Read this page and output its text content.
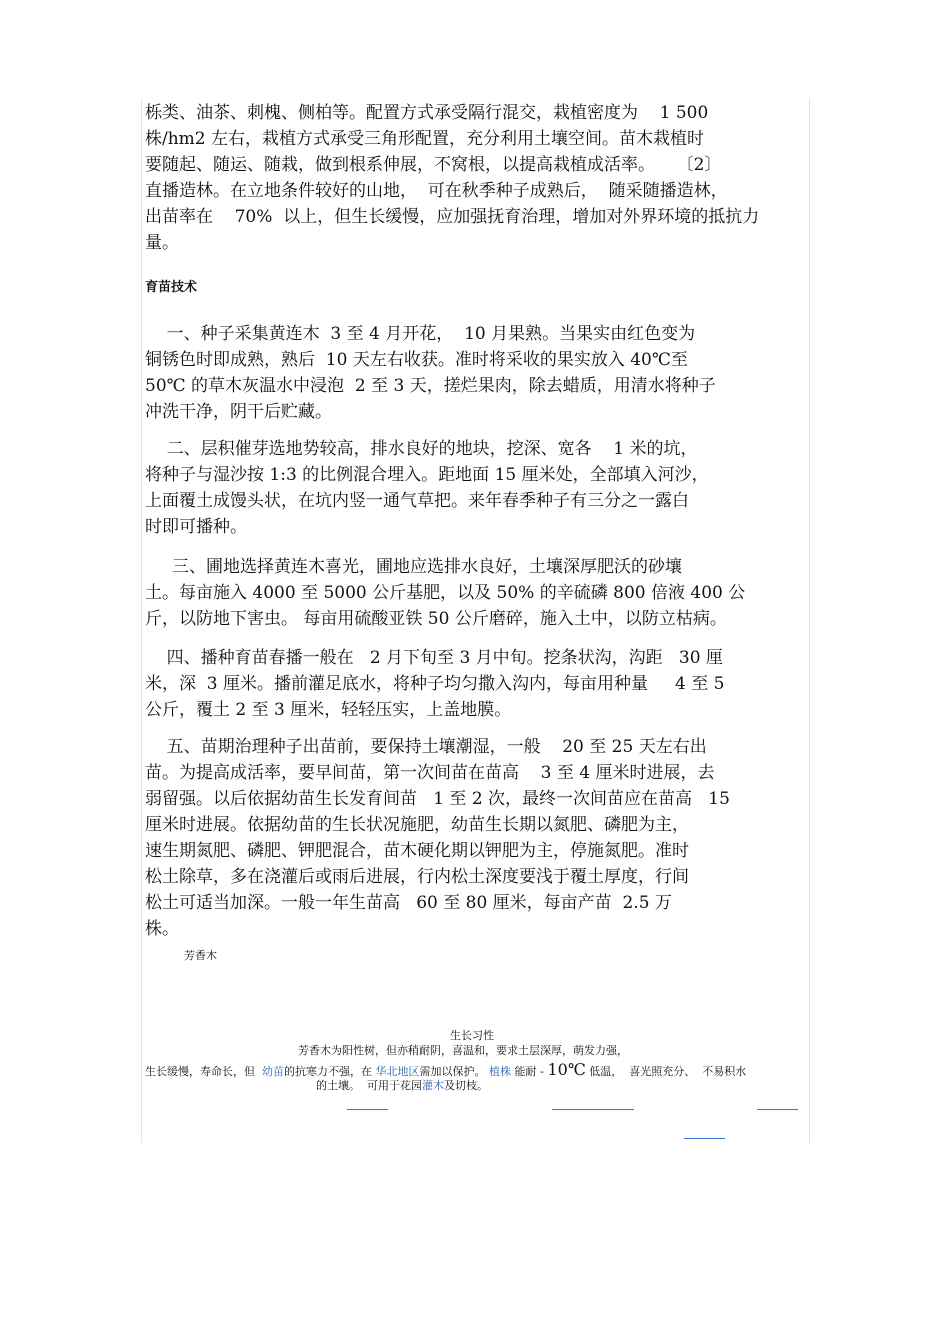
栎类、油茶、刺槐、侧柏等。配置方式承受隔行混交，栽植密度为    1 500
株/hm2 左右，栽植方式承受三角形配置，充分利用土壤空间。苗木栽植时
要随起、随运、随栽，做到根系伸展，不窝根，以提高栽植成活率。    〔2〕
直播造林。在立地条件较好的山地，  可在秋季种子成熟后，  随采随播造林，
出苗率在    70%  以上，但生长缓慢，应加强抚育治理，增加对外界环境的抵抗力
量。
育苗技术
一、种子采集黄连木  3 至 4 月开花，  10 月果熟。当果实由红色变为
铜锈色时即成熟，熟后  10 天左右收获。准时将采收的果实放入 40℃至
50℃ 的草木灰温水中浸泡  2 至 3 天，搓烂果肉，除去蜡质，用清水将种子
冲洗干净，阴干后贮藏。
二、层积催芽选地势较高，排水良好的地块，挖深、宽各    1 米的坑，
将种子与湿沙按 1:3 的比例混合埋入。距地面 15 厘米处，全部填入河沙，
上面覆土成馒头状，在坑内竖一通气草把。来年春季种子有三分之一露白
时即可播种。
三、圃地选择黄连木喜光，圃地应选排水良好，土壤深厚肥沃的砂壤
土。每亩施入 4000 至 5000 公斤基肥，以及 50% 的辛硫磷 800 倍液 400 公
斤，以防地下害虫。 每亩用硫酸亚铁 50 公斤磨碎，施入土中，以防立枯病。
四、播种育苗春播一般在   2 月下旬至 3 月中旬。挖条状沟，沟距   30 厘
米，深  3 厘米。播前灌足底水，将种子均匀撒入沟内，每亩用种量     4 至 5
公斤，覆土 2 至 3 厘米，轻轻压实，上盖地膜。
五、苗期治理种子出苗前，要保持土壤潮湿，一般    20 至 25 天左右出
苗。为提高成活率，要早间苗，第一次间苗在苗高    3 至 4 厘米时进展，去
弱留强。以后依据幼苗生长发育间苗   1 至 2 次，最终一次间苗应在苗高   15
厘米时进展。依据幼苗的生长状况施肥，幼苗生长期以氮肥、磷肥为主，
速生期氮肥、磷肥、钾肥混合，苗木硬化期以钾肥为主，停施氮肥。准时
松土除草，多在浇灌后或雨后进展，行内松土深度要浅于覆土厚度，行间
松土可适当加深。一般一年生苗高   60 至 80 厘米，每亩产苗  2.5 万
株。
芳香木
生长习性
芳香木为阳性树，但亦稍耐阴，喜温和，要求土层深厚，萌发力强，
生长缓慢，寿命长，但 幼苗的抗寒力不强，在 华北地区需加以保护。 植株 能耐 - 10℃ 低温，  喜光照充分、  不易积水
的土壤。  可用于花园灌木及切枝。
